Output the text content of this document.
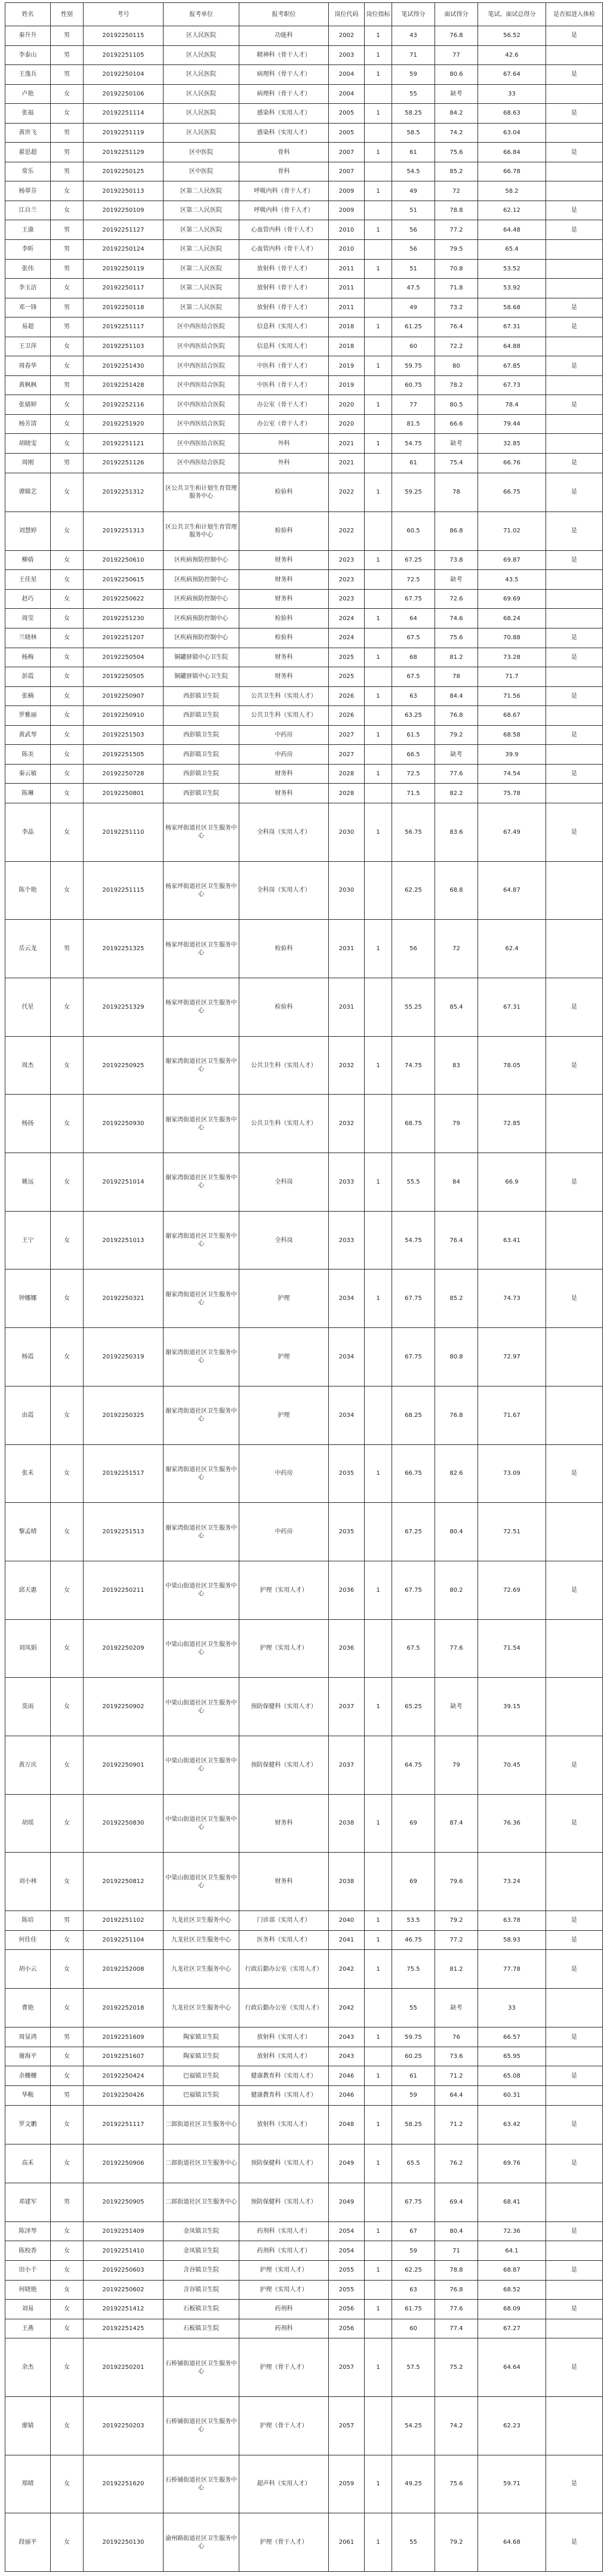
姓名	性别	考号	报考单位	报考职位	岗位代码	岗位指标	笔试得分	面试得分	笔试、面试总得分	是否拟进入体检
秦升升	男	20192250115	区人民医院	功能科	2002	1	43	76.8	56.52	是
李泰山	男	20192251105	区人民医院	精神科（骨干人才）	2003	1	71	77	42.6	
王逸兵	男	20192250104	区人民医院	病理科（骨干人才）	2004	1	59	80.6	67.64	是
卢艳	女	20192250106	区人民医院	病理科（骨干人才）	2004		55	缺考	33	
张福	女	20192251114	区人民医院	感染科（实用人才）	2005	1	58.25	84.2	68.63	是
黄世飞	男	20192251119	区人民医院	感染科（实用人才）	2005		58.5	74.2	63.04	
翟思超	男	20192251129	区中医院	骨科	2007	1	61	75.6	66.84	是
常乐	男	20192250125	区中医院	骨科	2007		54.5	85.2	66.78	
杨翠芬	女	20192250113	区第二人民医院	呼吸内科（骨干人才）	2009	1	49	72	58.2	
江自兰	女	20192250109	区第二人民医院	呼吸内科（骨干人才）	2009		51	78.8	62.12	是
王康	男	20192251127	区第二人民医院	心血管内科（骨干人才）	2010	1	56	77.2	64.48	是
李昕	男	20192250124	区第二人民医院	心血管内科（骨干人才）	2010		56	79.5	65.4	
张伟	男	20192250119	区第二人民医院	放射科（骨干人才）	2011	1	51	70.8	53.52	
李玉洁	女	20192250117	区第二人民医院	放射科（骨干人才）	2011		47.5	71.8	53.92	
邓一锋	男	20192250118	区第二人民医院	放射科（骨干人才）	2011		49	73.2	58.68	是
易超	男	20192251117	区中西医结合医院	信息科（实用人才）	2018	1	61.25	76.4	67.31	是
王卫萍	女	20192251103	区中西医结合医院	信息科（实用人才）	2018		60	72.2	64.88	
周春华	女	20192251430	区中西医结合医院	中医科（骨干人才）	2019	1	59.75	80	67.85	是
黄枫枫	男	20192251428	区中西医结合医院	中医科（骨干人才）	2019		60.75	78.2	67.73	
张婧婷	女	20192252116	区中西医结合医院	办公室（骨干人才）	2020	1	77	80.5	78.4	是
杨芳清	女	20192251920	区中西医结合医院	办公室（骨干人才）	2020		81.5	66.6	79.44	
胡晓雯	女	20192251121	区中西医结合医院	外科	2021	1	54.75	缺考	32.85	
周刚	男	20192251126	区中西医结合医院	外科	2021		61	75.4	66.76	是
谭嫦艺	女	20192251312	区公共卫生和计划生育管理服务中心	检验科	2022	1	59.25	78	66.75	是
刘慧婷	女	20192251313	区公共卫生和计划生育管理服务中心	检验科	2022		60.5	86.8	71.02	是
柳倩	女	20192250610	区疾病预防控制中心	财务科	2023	1	67.25	73.8	69.87	是
王佳星	女	20192250615	区疾病预防控制中心	财务科	2023		72.5	缺考	43.5	
赵巧	女	20192250622	区疾病预防控制中心	财务科	2023		67.75	72.6	69.69	
周莹	女	20192251230	区疾病预防控制中心	检验科	2024	1	64	74.6	68.24	
兰晓林	女	20192251207	区疾病预防控制中心	检验科	2024		67.5	75.6	70.88	是
杨梅	女	20192250504	铜罐驿镇中心卫生院	财务科	2025	1	68	81.2	73.28	是
彭霞	女	20192250505	铜罐驿镇中心卫生院	财务科	2025		67.5	78	71.7	
张楠	女	20192250907	西彭镇卫生院	公共卫生科（实用人才）	2026	1	63	84.4	71.56	是
罗雅丽	女	20192250910	西彭镇卫生院	公共卫生科（实用人才）	2026		63.25	76.8	68.67	
黄武琴	女	20192251503	西彭镇卫生院	中药房	2027	1	61.5	79.2	68.58	是
陈美	女	20192251505	西彭镇卫生院	中药房	2027		66.5	缺考	39.9	
秦云敏	女	20192250728	西彭镇卫生院	财务科	2028	1	72.5	77.6	74.54	是
陈琳	女	20192250801	西彭镇卫生院	财务科	2028		71.5	82.2	75.78	
李晶	女	20192251110	杨家坪街道社区卫生服务中心	全科岗（实用人才）	2030	1	56.75	83.6	67.49	是
陈个艳	女	20192251115	杨家坪街道社区卫生服务中心	全科岗（实用人才）	2030		62.25	68.8	64.87	
岳云龙	男	20192251325	杨家坪街道社区卫生服务中心	检验科	2031	1	56	72	62.4	
代星	女	20192251329	杨家坪街道社区卫生服务中心	检验科	2031		55.25	85.4	67.31	是
周杰	女	20192250925	谢家湾街道社区卫生服务中心	公共卫生科（实用人才）	2032	1	74.75	83	78.05	是
杨扬	女	20192250930	谢家湾街道社区卫生服务中心	公共卫生科（实用人才）	2032		68.75	79	72.85	
姚远	女	20192251014	谢家湾街道社区卫生服务中心	全科岗	2033	1	55.5	84	66.9	是
王宁	女	20192251013	谢家湾街道社区卫生服务中心	全科岗	2033		54.75	76.4	63.41	
钟娜娜	女	20192250321	谢家湾街道社区卫生服务中心	护理	2034	1	67.75	85.2	74.73	是
杨霞	女	20192250319	谢家湾街道社区卫生服务中心	护理	2034		67.75	80.8	72.97	
由霞	女	20192250325	谢家湾街道社区卫生服务中心	护理	2034		68.25	76.8	71.67	
张禾	女	20192251517	谢家湾街道社区卫生服务中心	中药房	2035	1	66.75	82.6	73.09	是
黎孟晴	女	20192251513	谢家湾街道社区卫生服务中心	中药房	2035		67.25	80.4	72.51	
邱天惠	女	20192250211	中梁山街道社区卫生服务中心	护理（实用人才）	2036	1	67.75	80.2	72.69	是
刘凤娟	女	20192250209	中梁山街道社区卫生服务中心	护理（实用人才）	2036		67.5	77.6	71.54	
莫雨	女	20192250902	中梁山街道社区卫生服务中心	预防保健科（实用人才）	2037	1	65.25	缺考	39.15	
黄万庆	女	20192250901	中梁山街道社区卫生服务中心	预防保健科（实用人才）	2037		64.75	79	70.45	是
胡瑶	女	20192250830	中梁山街道社区卫生服务中心	财务科	2038	1	69	87.4	76.36	是
刘小林	女	20192250812	中梁山街道社区卫生服务中心	财务科	2038		69	79.6	73.24	
陈培	男	20192251102	九龙社区卫生服务中心	门诊部（实用人才）	2040	1	53.5	79.2	63.78	是
何佳佳	女	20192251104	九龙社区卫生服务中心	医务科（实用人才）	2041	1	46.75	77.2	58.93	是
胡小云	女	20192252008	九龙社区卫生服务中心	行政后勤办公室（实用人才）	2042	1	75.5	81.2	77.78	是
曹艳	女	20192252018	九龙社区卫生服务中心	行政后勤办公室（实用人才）	2042		55	缺考	33	
周显鸿	男	20192251609	陶家镇卫生院	放射科（实用人才）	2043	1	59.75	76	66.57	是
谢海平	女	20192251607	陶家镇卫生院	放射科（实用人才）	2043		60.25	73.6	65.95	
余栅栅	女	20192250424	巴福镇卫生院	健康教育科（实用人才）	2046	1	61	71.2	65.08	是
华鞍	男	20192250426	巴福镇卫生院	健康教育科（实用人才）	2046		59	64.4	60.31	
罗文鹏	女	20192251117	二郎街道社区卫生服务中心	放射科（实用人才）	2048	1	58.25	71.2	63.42	是
高禾	女	20192250906	二郎街道社区卫生服务中心	预防保健科（实用人才）	2049	1	65.5	76.2	69.76	是
邓建军	男	20192250905	二郎街道社区卫生服务中心	预防保健科（实用人才）	2049		67.75	69.4	68.41	
陈泽琴	女	20192251409	金凤镇卫生院	药剂科（实用人才）	2054	1	67	80.4	72.36	是
陈校香	女	20192251410	金凤镇卫生院	药剂科（实用人才）	2054		59	71	64.1	
田小千	女	20192250603	含谷镇卫生院	护理（实用人才）	2055	1	62.25	78.8	68.87	是
何晓艳	女	20192250602	含谷镇卫生院	护理（实用人才）	2055		63	76.8	68.52	
刘易	女	20192251412	石板镇卫生院	药剂科	2056	1	61.75	77.6	68.09	是
王燕	女	20192251425	石板镇卫生院	药剂科	2056		60	77.4	67.27	
余杰	女	20192250201	石桥铺街道社区卫生服务中心	护理（骨干人才）	2057	1	57.5	75.2	64.64	是
廖婧	女	20192250203	石桥铺街道社区卫生服务中心	护理（骨干人才）	2057		54.25	74.2	62.23	
郑晴	女	20192251620	石桥铺街道社区卫生服务中心	超声科（实用人才）	2059	1	49.25	75.6	59.71	是
段丽平	女	20192250130	渝州路街道社区卫生服务中心	护理（骨干人才）	2061	1	55	79.2	64.68	是
